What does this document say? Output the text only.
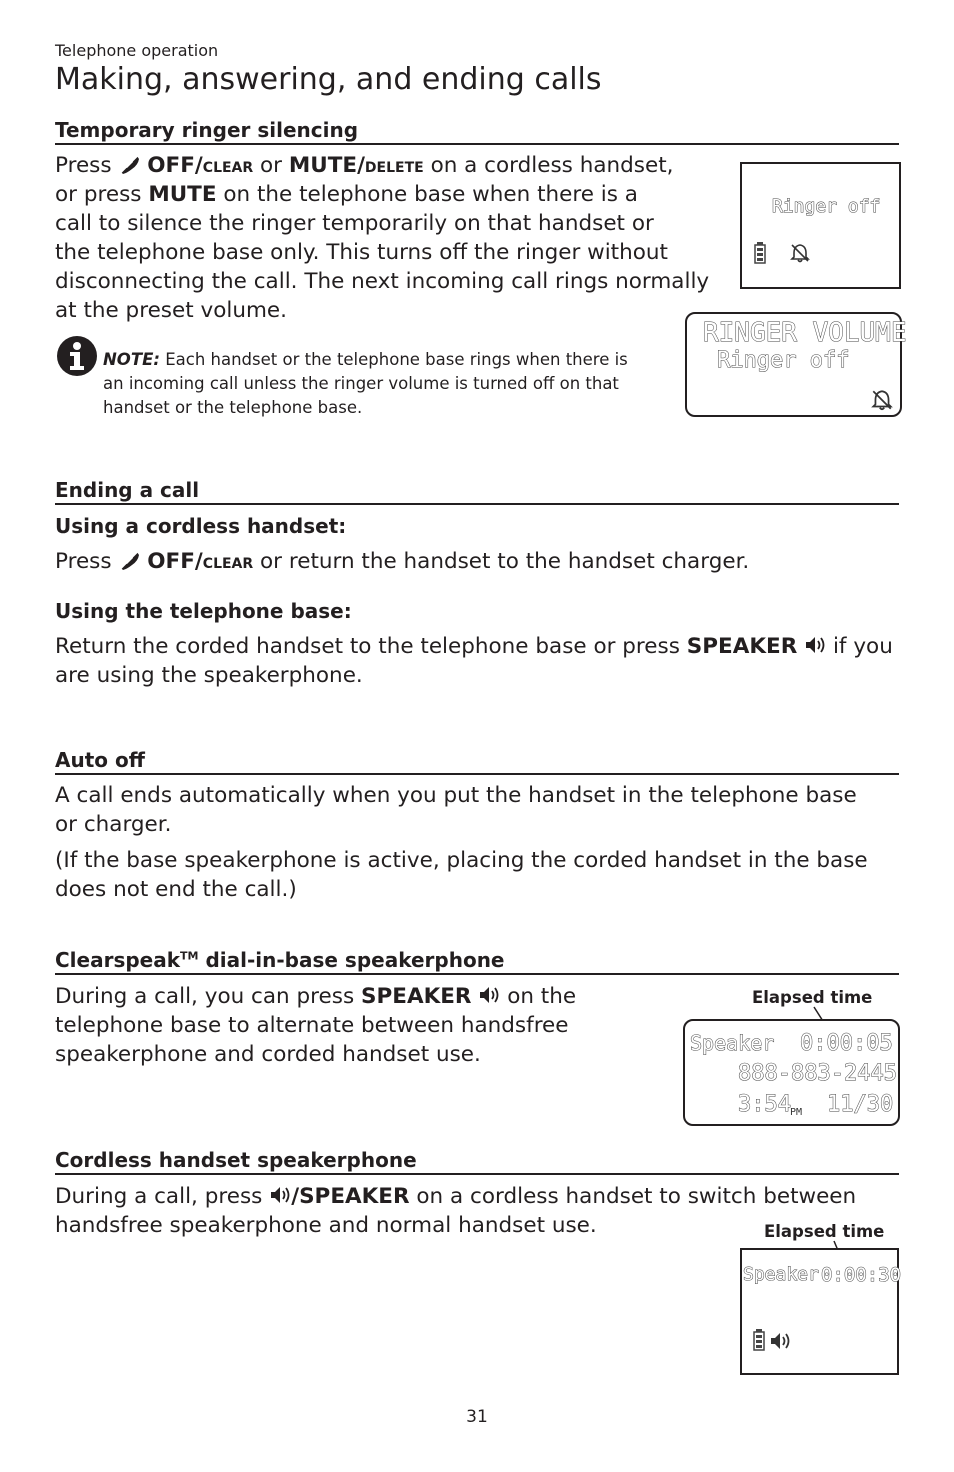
Telephone operation
Making, answering, and ending calls
Temporary ringer silencing
Press OFF/clear or MUTE/delete on a cordless handset,
or press MUTE on the telephone base when there is a
call to silence the ringer temporarily on that handset or
the telephone base only. This turns off the ringer without
disconnecting the call. The next incoming call rings normally
at the preset volume.
NOTE: Each handset or the telephone base rings when there is
an incoming call unless the ringer volume is turned off on that
handset or the telephone base.
Ringer off
RINGER VOLUME
Ringer off
Ending a call
Using a cordless handset:
Press OFF/clear or return the handset to the handset charger.
Using the telephone base:
Return the corded handset to the telephone base or press SPEAKER if you
are using the speakerphone.
Auto off
A call ends automatically when you put the handset in the telephone base
or charger.
(If the base speakerphone is active, placing the corded handset in the base
does not end the call.)
Clearspeak™ dial-in-base speakerphone
During a call, you can press SPEAKER on the
telephone base to alternate between handsfree
speakerphone and corded handset use.
Elapsed time
Speaker 0:00:05
888-883-2445
3:54 PM 11/30
Cordless handset speakerphone
During a call, press /SPEAKER on a cordless handset to switch between
handsfree speakerphone and normal handset use.	Elapsed time
Speaker 0:00:30
31
